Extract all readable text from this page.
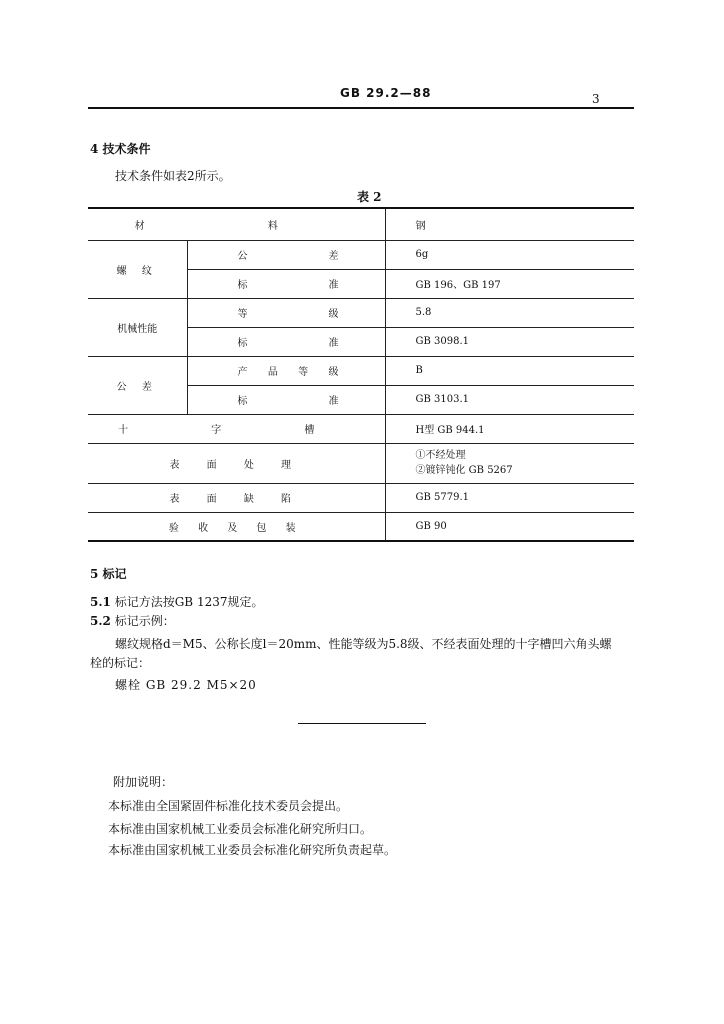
GB 29.2—88	3
4 技术条件
技术条件如表2所示。
表 2
材 料		钢
螺 纹	公 差	6g

	标 准	GB 196、GB 197
机械性能	等 级	5.8

	标 准	GB 3098.1
公 差	产 品 等 级	B

	标 准	GB 3103.1
十 字 槽		H型 GB 944.1
表 面 处 理		①不经处理
②镀锌钝化 GB 5267

表 面 缺 陷		GB 5779.1
验 收 及 包 装		GB 90
5 标记
5.1 标记方法按GB 1237规定。
5.2 标记示例：
螺纹规格d＝M5、公称长度l＝20mm、性能等级为5.8级、不经表面处理的十字槽凹六角头螺
栓的标记：
螺栓 GB 29.2 M5×20
附加说明：
本标准由全国紧固件标准化技术委员会提出。
本标准由国家机械工业委员会标准化研究所归口。
本标准由国家机械工业委员会标准化研究所负责起草。
